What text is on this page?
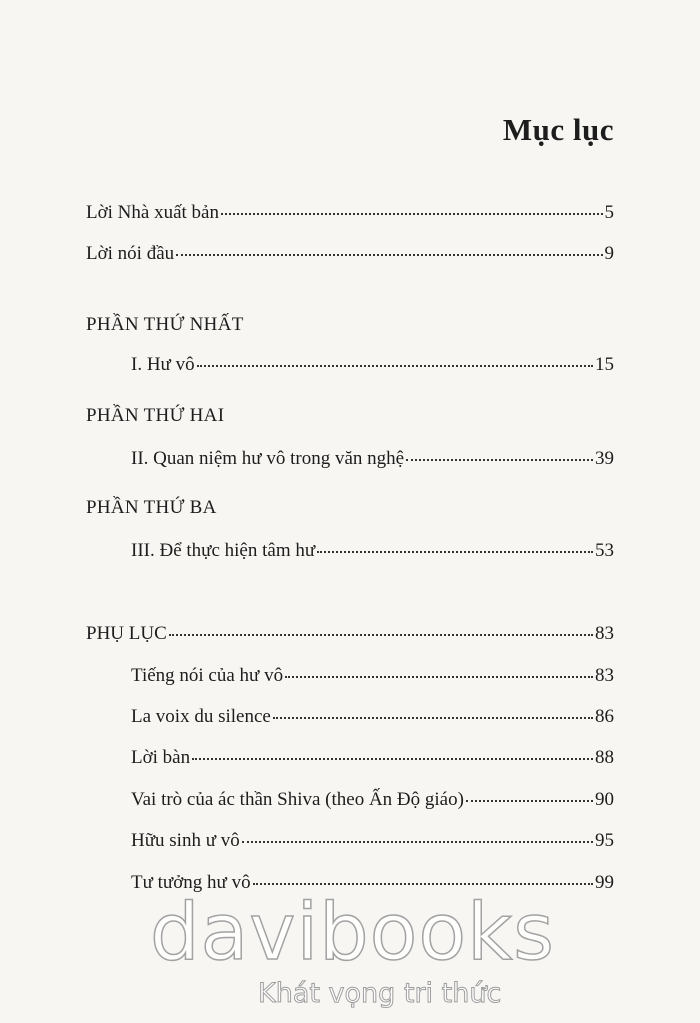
Mục lục
Lời Nhà xuất bản	5
Lời nói đầu	9
PHẦN THỨ NHẤT
I. Hư vô	15
PHẦN THỨ HAI
II. Quan niệm hư vô trong văn nghệ	39
PHẦN THỨ BA
III. Để thực hiện tâm hư	53
PHỤ LỤC	83
Tiếng nói của hư vô	83
La voix du silence	86
Lời bàn	88
Vai trò của ác thần Shiva (theo Ấn Độ giáo)	90
Hữu sinh ư vô	95
Tư tưởng hư vô	99
davibooks
Khát vọng tri thức
